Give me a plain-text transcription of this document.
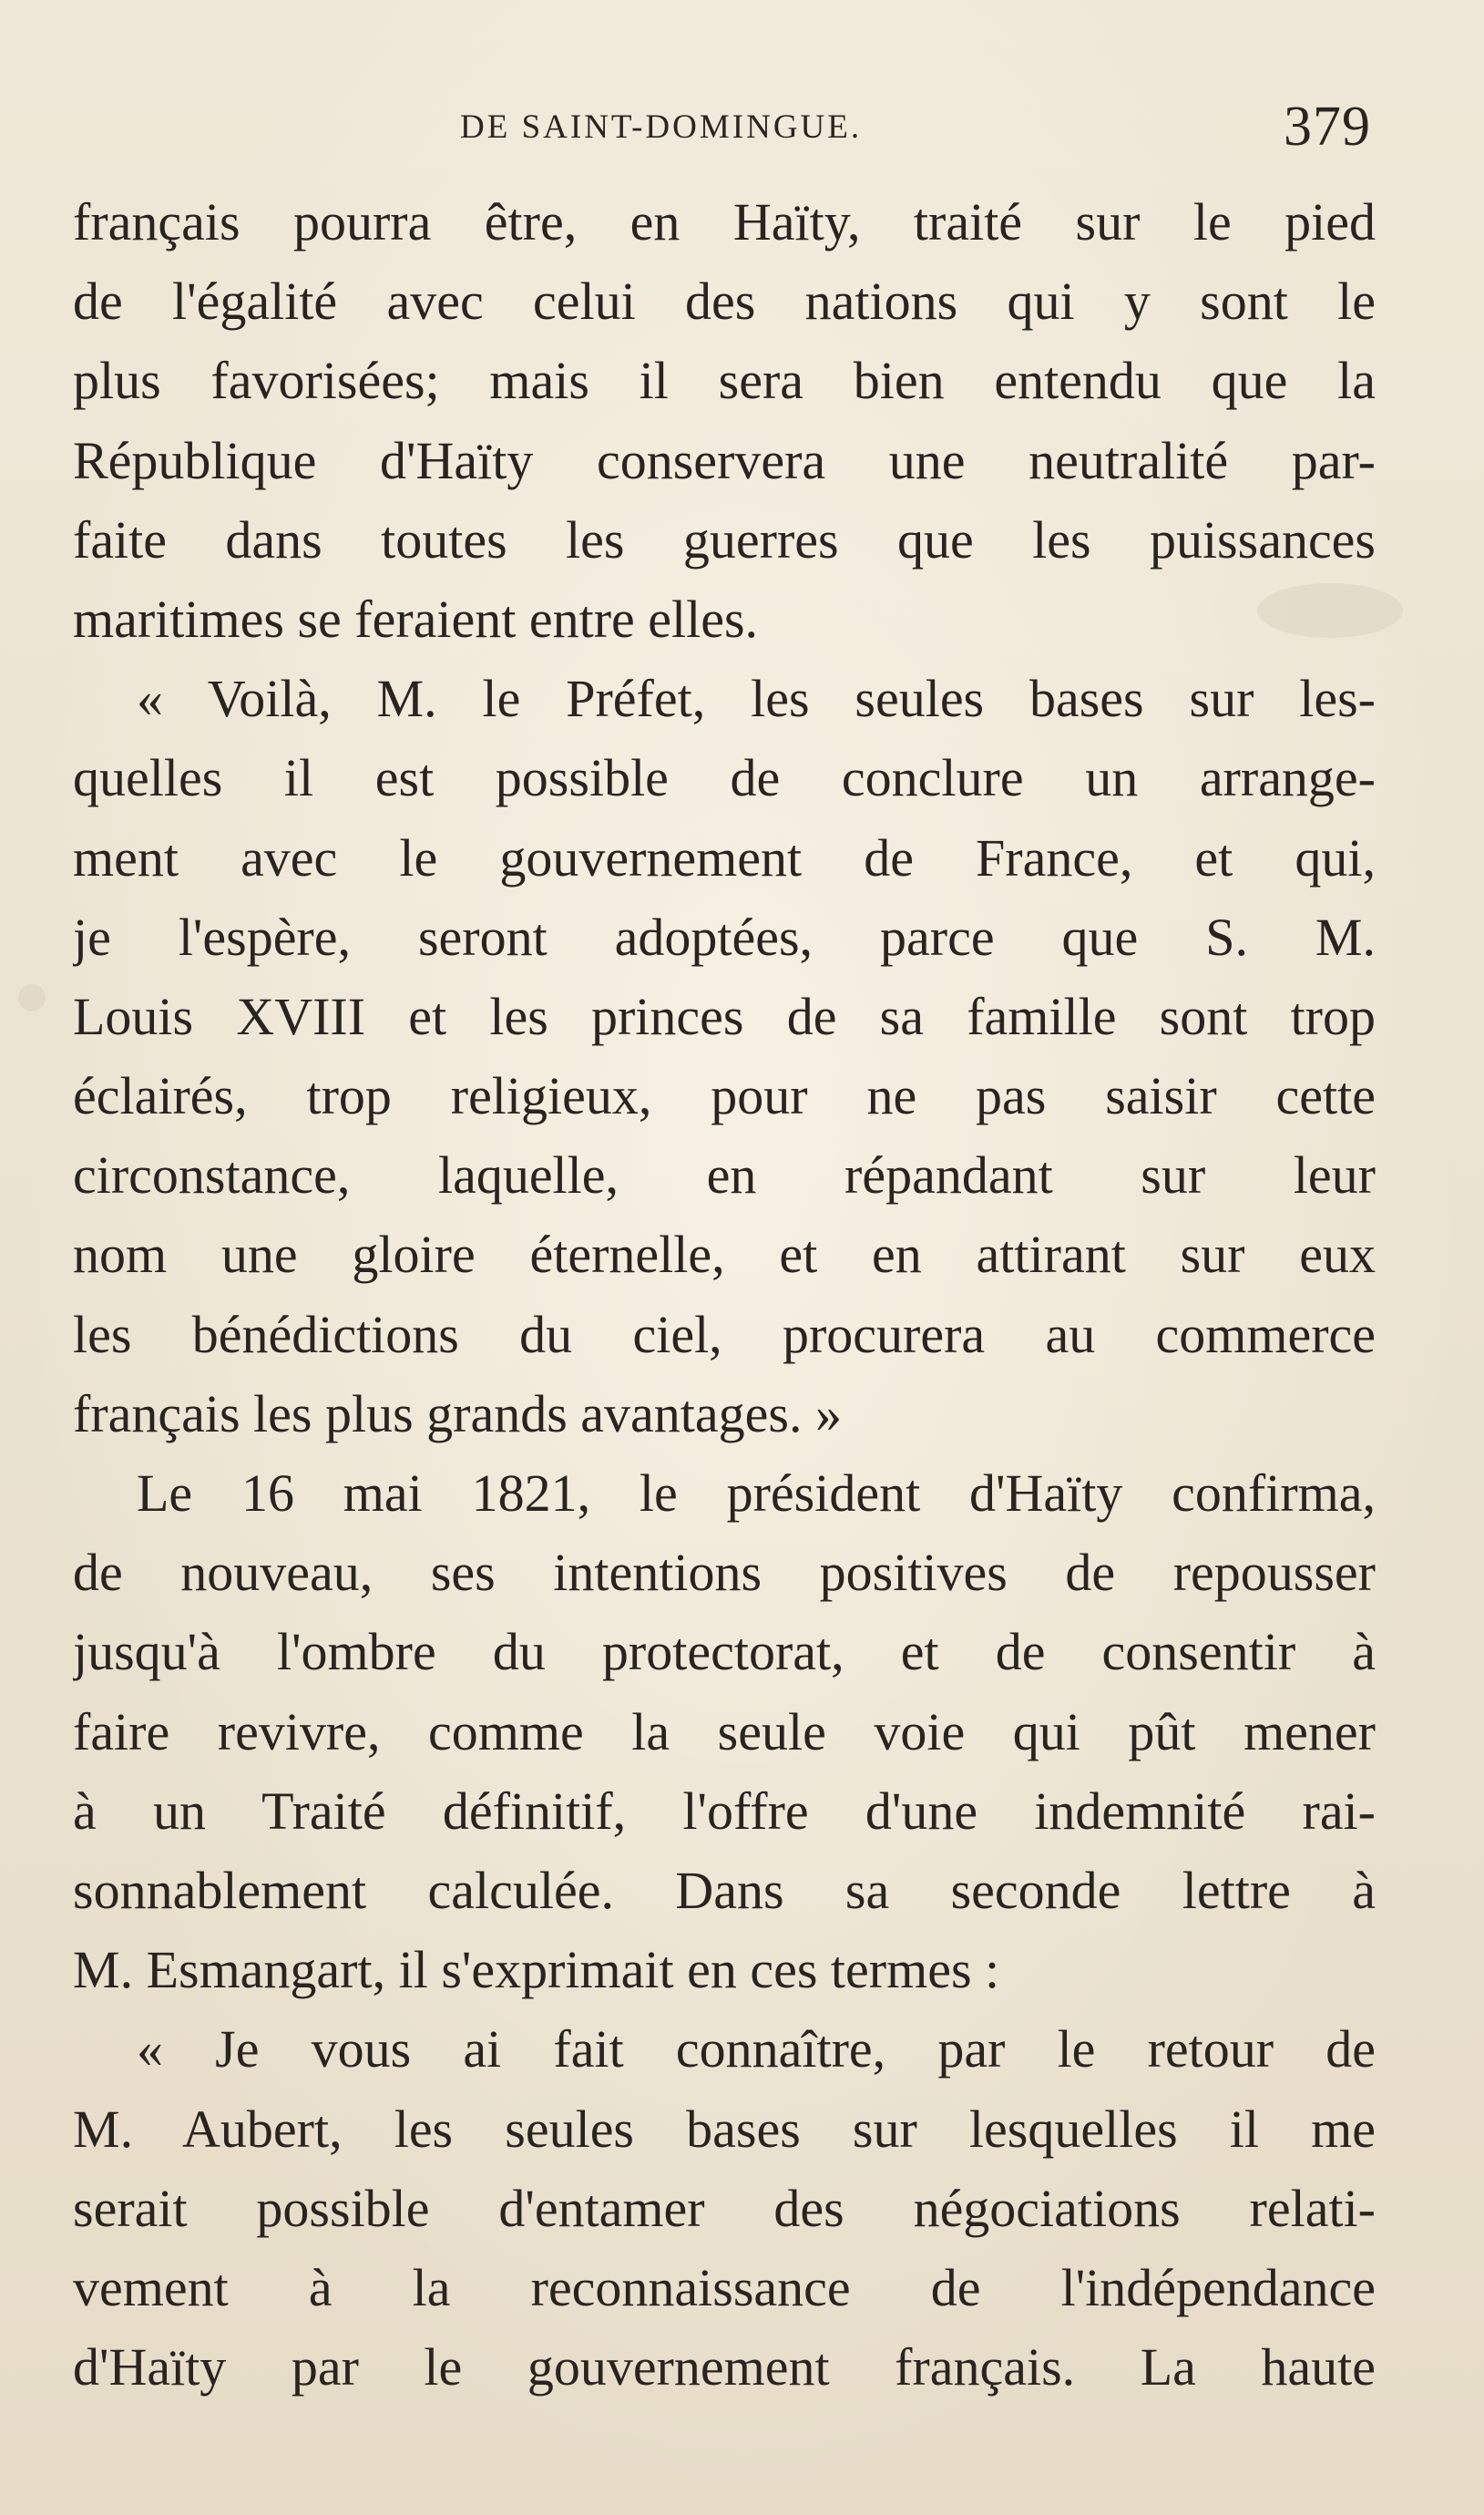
DE SAINT-DOMINGUE.	379
français pourra être, en Haïty, traité sur le pied
de l'égalité avec celui des nations qui y sont le
plus favorisées; mais il sera bien entendu que la
République d'Haïty conservera une neutralité par-
faite dans toutes les guerres que les puissances
maritimes se feraient entre elles.
« Voilà, M. le Préfet, les seules bases sur les-
quelles il est possible de conclure un arrange-
ment avec le gouvernement de France, et qui,
je l'espère, seront adoptées, parce que S. M.
Louis XVIII et les princes de sa famille sont trop
éclairés, trop religieux, pour ne pas saisir cette
circonstance, laquelle, en répandant sur leur
nom une gloire éternelle, et en attirant sur eux
les bénédictions du ciel, procurera au commerce
français les plus grands avantages. »
Le 16 mai 1821, le président d'Haïty confirma,
de nouveau, ses intentions positives de repousser
jusqu'à l'ombre du protectorat, et de consentir à
faire revivre, comme la seule voie qui pût mener
à un Traité définitif, l'offre d'une indemnité rai-
sonnablement calculée. Dans sa seconde lettre à
M. Esmangart, il s'exprimait en ces termes :
« Je vous ai fait connaître, par le retour de
M. Aubert, les seules bases sur lesquelles il me
serait possible d'entamer des négociations relati-
vement à la reconnaissance de l'indépendance
d'Haïty par le gouvernement français. La haute
